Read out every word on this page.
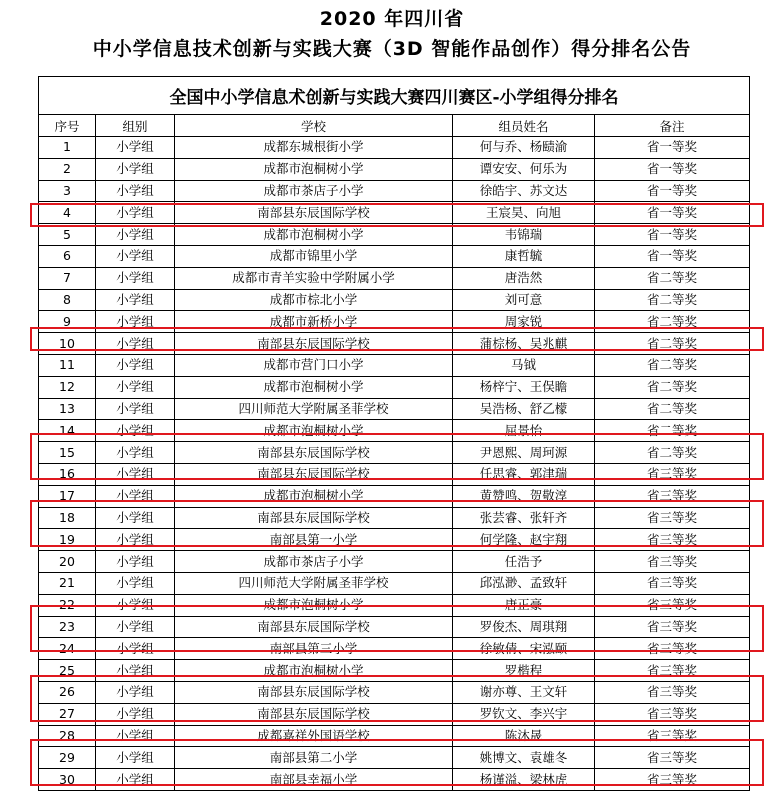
2020 年四川省
中小学信息技术创新与实践大赛（3D 智能作品创作）得分排名公告
全国中小学信息术创新与实践大赛四川赛区-小学组得分排名				
序号	组别	学校	组员姓名	备注
1	小学组	成都东城根街小学	何与乔、杨赜渝	省一等奖
2	小学组	成都市泡桐树小学	谭安安、何乐为	省一等奖
3	小学组	成都市茶店子小学	徐皓宇、苏文达	省一等奖
4	小学组	南部县东辰国际学校	王宸昊、向旭	省一等奖
5	小学组	成都市泡桐树小学	韦锦瑞	省一等奖
6	小学组	成都市锦里小学	康哲毓	省一等奖
7	小学组	成都市青羊实验中学附属小学	唐浩然	省二等奖
8	小学组	成都市棕北小学	刘可意	省二等奖
9	小学组	成都市新桥小学	周家锐	省二等奖
10	小学组	南部县东辰国际学校	蒲棕杨、吴兆麒	省二等奖
11	小学组	成都市营门口小学	马钺	省二等奖
12	小学组	成都市泡桐树小学	杨梓宁、王俣瞻	省二等奖
13	小学组	四川师范大学附属圣菲学校	吴浩杨、舒乙檬	省二等奖
14	小学组	成都市泡桐树小学	屈景怡	省二等奖
15	小学组	南部县东辰国际学校	尹恩熙、周珂源	省二等奖
16	小学组	南部县东辰国际学校	任思睿、郭津瑞	省三等奖
17	小学组	成都市泡桐树小学	黄赞鸣、贺敬淳	省三等奖
18	小学组	南部县东辰国际学校	张芸睿、张轩齐	省三等奖
19	小学组	南部县第一小学	何学隆、赵宇翔	省三等奖
20	小学组	成都市茶店子小学	任浩予	省三等奖
21	小学组	四川师范大学附属圣菲学校	邱泓渺、孟致轩	省三等奖
22	小学组	成都市泡桐树小学	唐正豪	省三等奖
23	小学组	南部县东辰国际学校	罗俊杰、周琪翔	省三等奖
24	小学组	南部县第三小学	徐敏倩、宋泓颐	省三等奖
25	小学组	成都市泡桐树小学	罗楷程	省三等奖
26	小学组	南部县东辰国际学校	谢亦尊、王文轩	省三等奖
27	小学组	南部县东辰国际学校	罗钦文、李兴宇	省三等奖
28	小学组	成都嘉祥外国语学校	陈沐晟	省三等奖
29	小学组	南部县第二小学	姚博文、袁雄冬	省三等奖
30	小学组	南部县幸福小学	杨谨溢、梁林虎	省三等奖
